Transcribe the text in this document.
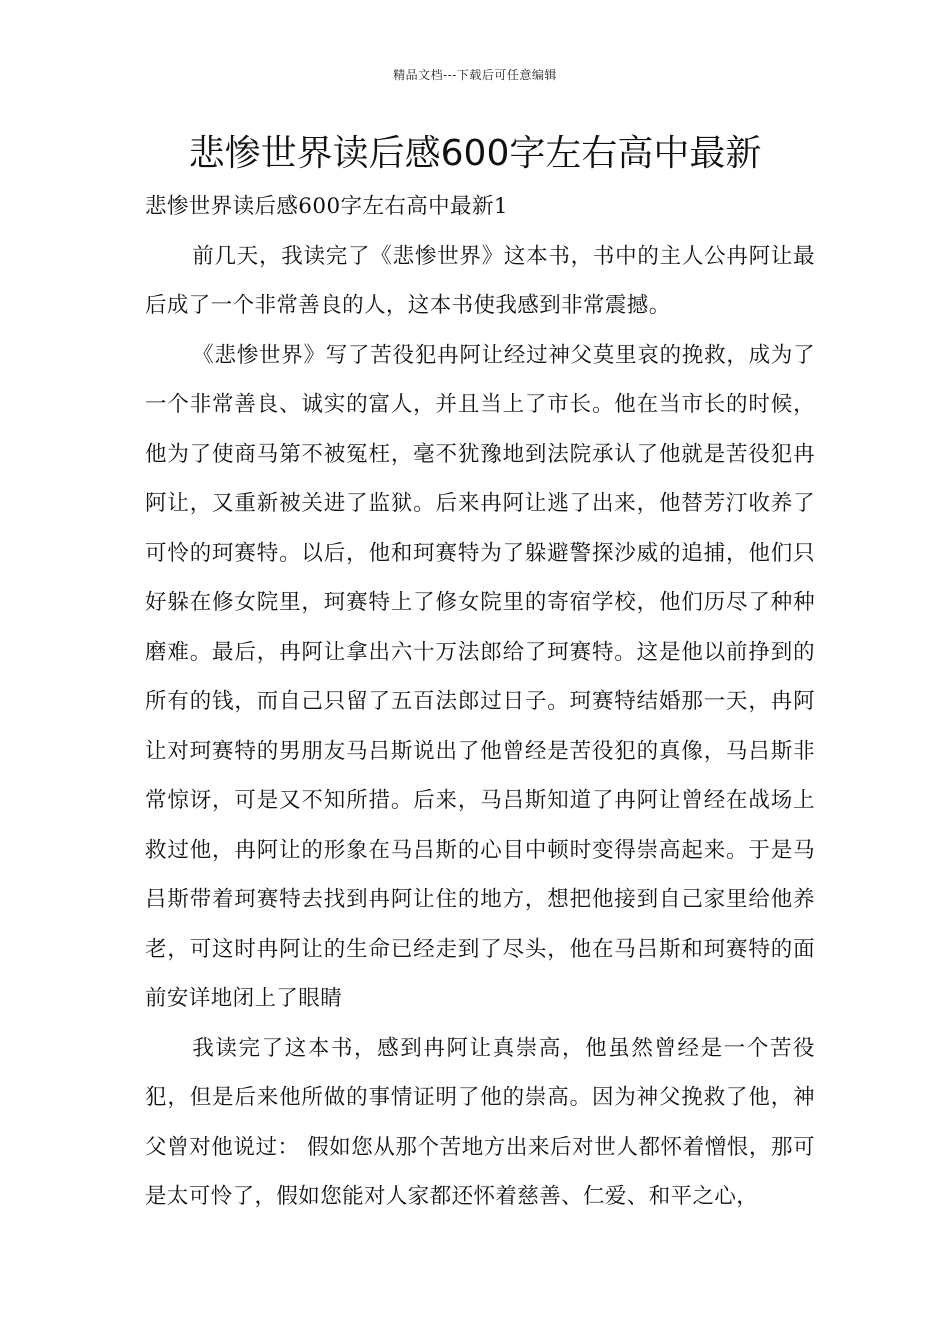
精品文档---下载后可任意编辑
悲惨世界读后感600字左右高中最新

悲惨世界读后感600字左右高中最新1

前几天，我读完了《悲惨世界》这本书，书中的主人公冉阿让最后成了一个非常善良的人，这本书使我感到非常震撼。

《悲惨世界》写了苦役犯冉阿让经过神父莫里哀的挽救，成为了一个非常善良、诚实的富人，并且当上了市长。他在当市长的时候，他为了使商马第不被冤枉，毫不犹豫地到法院承认了他就是苦役犯冉阿让，又重新被关进了监狱。后来冉阿让逃了出来，他替芳汀收养了可怜的珂赛特。以后，他和珂赛特为了躲避警探沙威的追捕，他们只好躲在修女院里，珂赛特上了修女院里的寄宿学校，他们历尽了种种磨难。最后，冉阿让拿出六十万法郎给了珂赛特。这是他以前挣到的所有的钱，而自己只留了五百法郎过日子。珂赛特结婚那一天，冉阿让对珂赛特的男朋友马吕斯说出了他曾经是苦役犯的真像，马吕斯非常惊讶，可是又不知所措。后来，马吕斯知道了冉阿让曾经在战场上救过他，冉阿让的形象在马吕斯的心目中顿时变得崇高起来。于是马吕斯带着珂赛特去找到冉阿让住的地方，想把他接到自己家里给他养老，可这时冉阿让的生命已经走到了尽头，他在马吕斯和珂赛特的面前安详地闭上了眼睛

我读完了这本书，感到冉阿让真崇高，他虽然曾经是一个苦役犯，但是后来他所做的事情证明了他的崇高。因为神父挽救了他，神父曾对他说过： 假如您从那个苦地方出来后对世人都怀着憎恨，那可是太可怜了，假如您能对人家都还怀着慈善、仁爱、和平之心，
